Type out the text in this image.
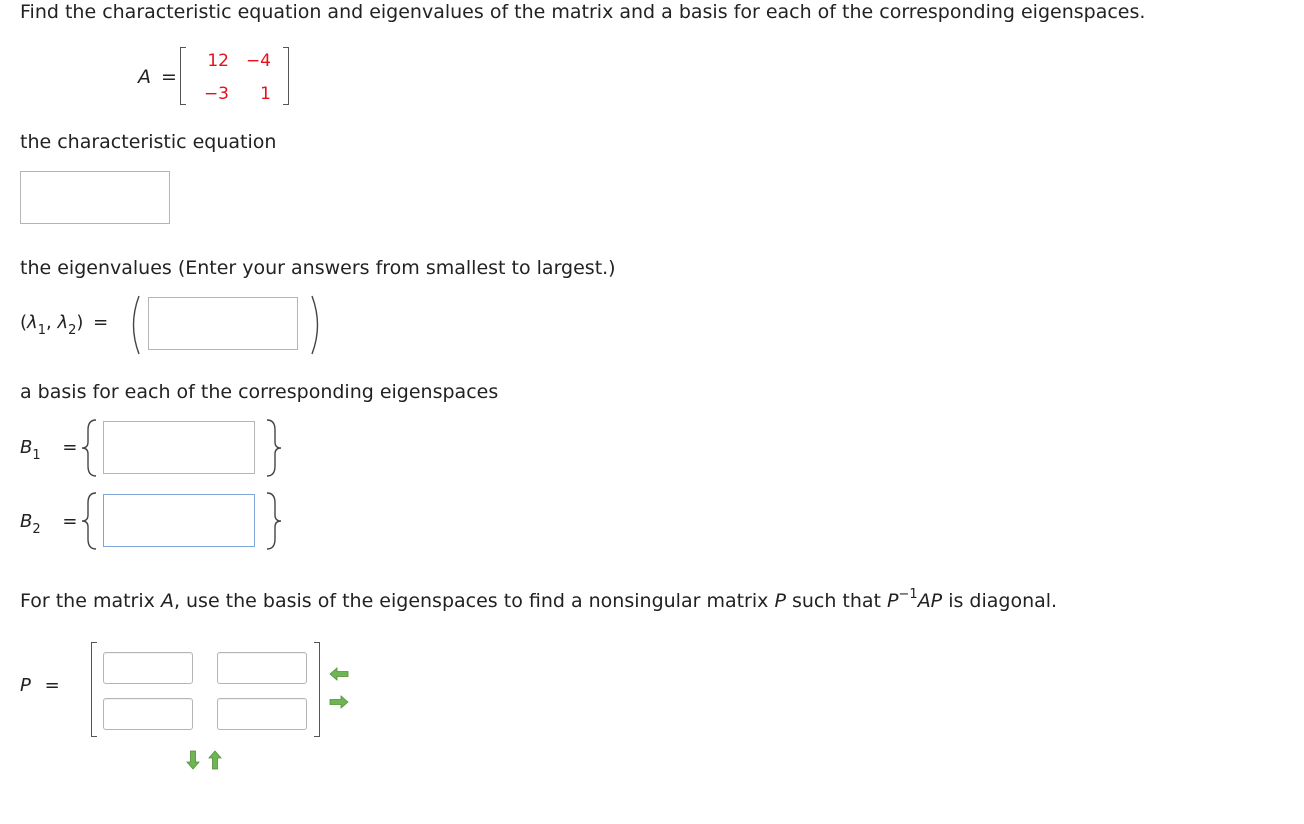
Find the characteristic equation and eigenvalues of the matrix and a basis for each of the corresponding eigenspaces.
A =
12 −4
−3	1
the characteristic equation
the eigenvalues (Enter your answers from smallest to largest.)
($\lambda_1$, $\lambda_2$) =
a basis for each of the corresponding eigenspaces
$B_1$ =
$B_2$ =
For the matrix A, use the basis of the eigenspaces to find a nonsingular matrix P such that $P^{-1}AP$ is diagonal.
P =
